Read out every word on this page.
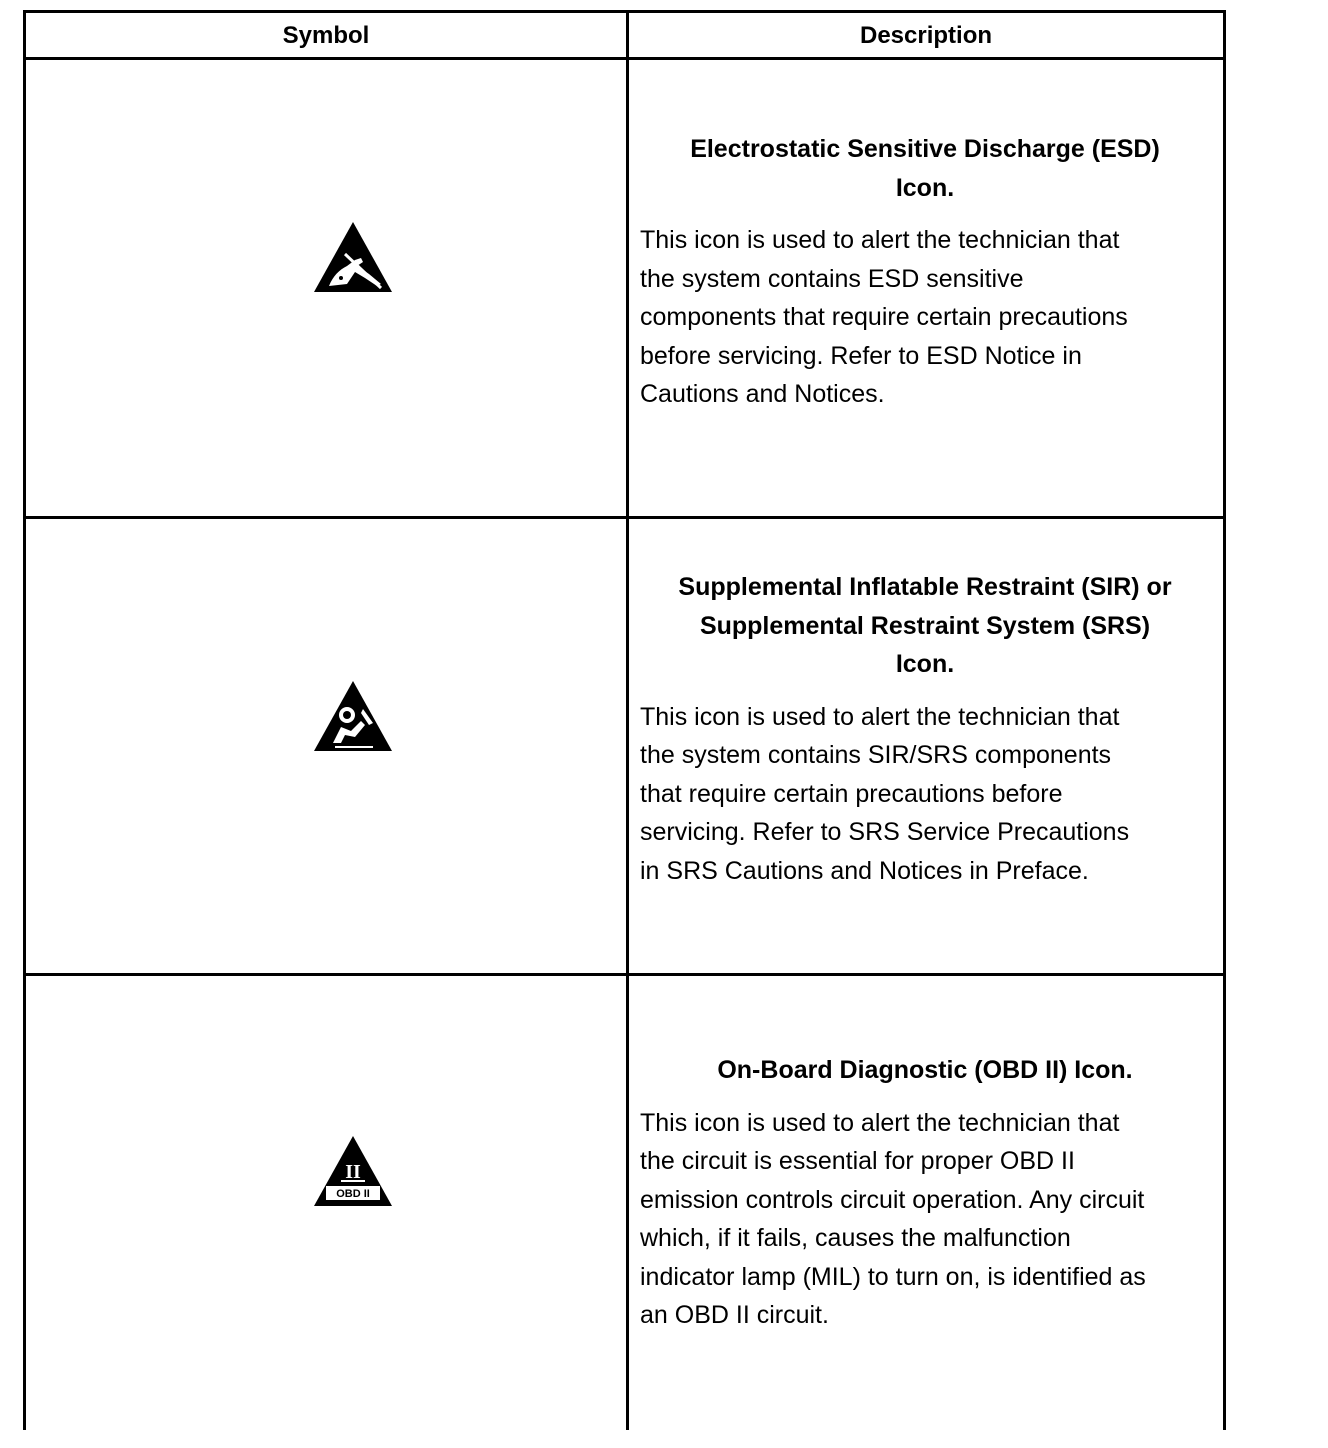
Symbol	Description

Electrostatic Sensitive Discharge (ESD)
Icon.

This icon is used to alert the technician that
the system contains ESD sensitive
components that require certain precautions
before servicing. Refer to ESD Notice in
Cautions and Notices.

Supplemental Inflatable Restraint (SIR) or
Supplemental Restraint System (SRS)
Icon.

This icon is used to alert the technician that
the system contains SIR/SRS components
that require certain precautions before
servicing. Refer to SRS Service Precautions
in SRS Cautions and Notices in Preface.

II
OBD II

On-Board Diagnostic (OBD II) Icon.

This icon is used to alert the technician that
the circuit is essential for proper OBD II
emission controls circuit operation. Any circuit
which, if it fails, causes the malfunction
indicator lamp (MIL) to turn on, is identified as
an OBD II circuit.
